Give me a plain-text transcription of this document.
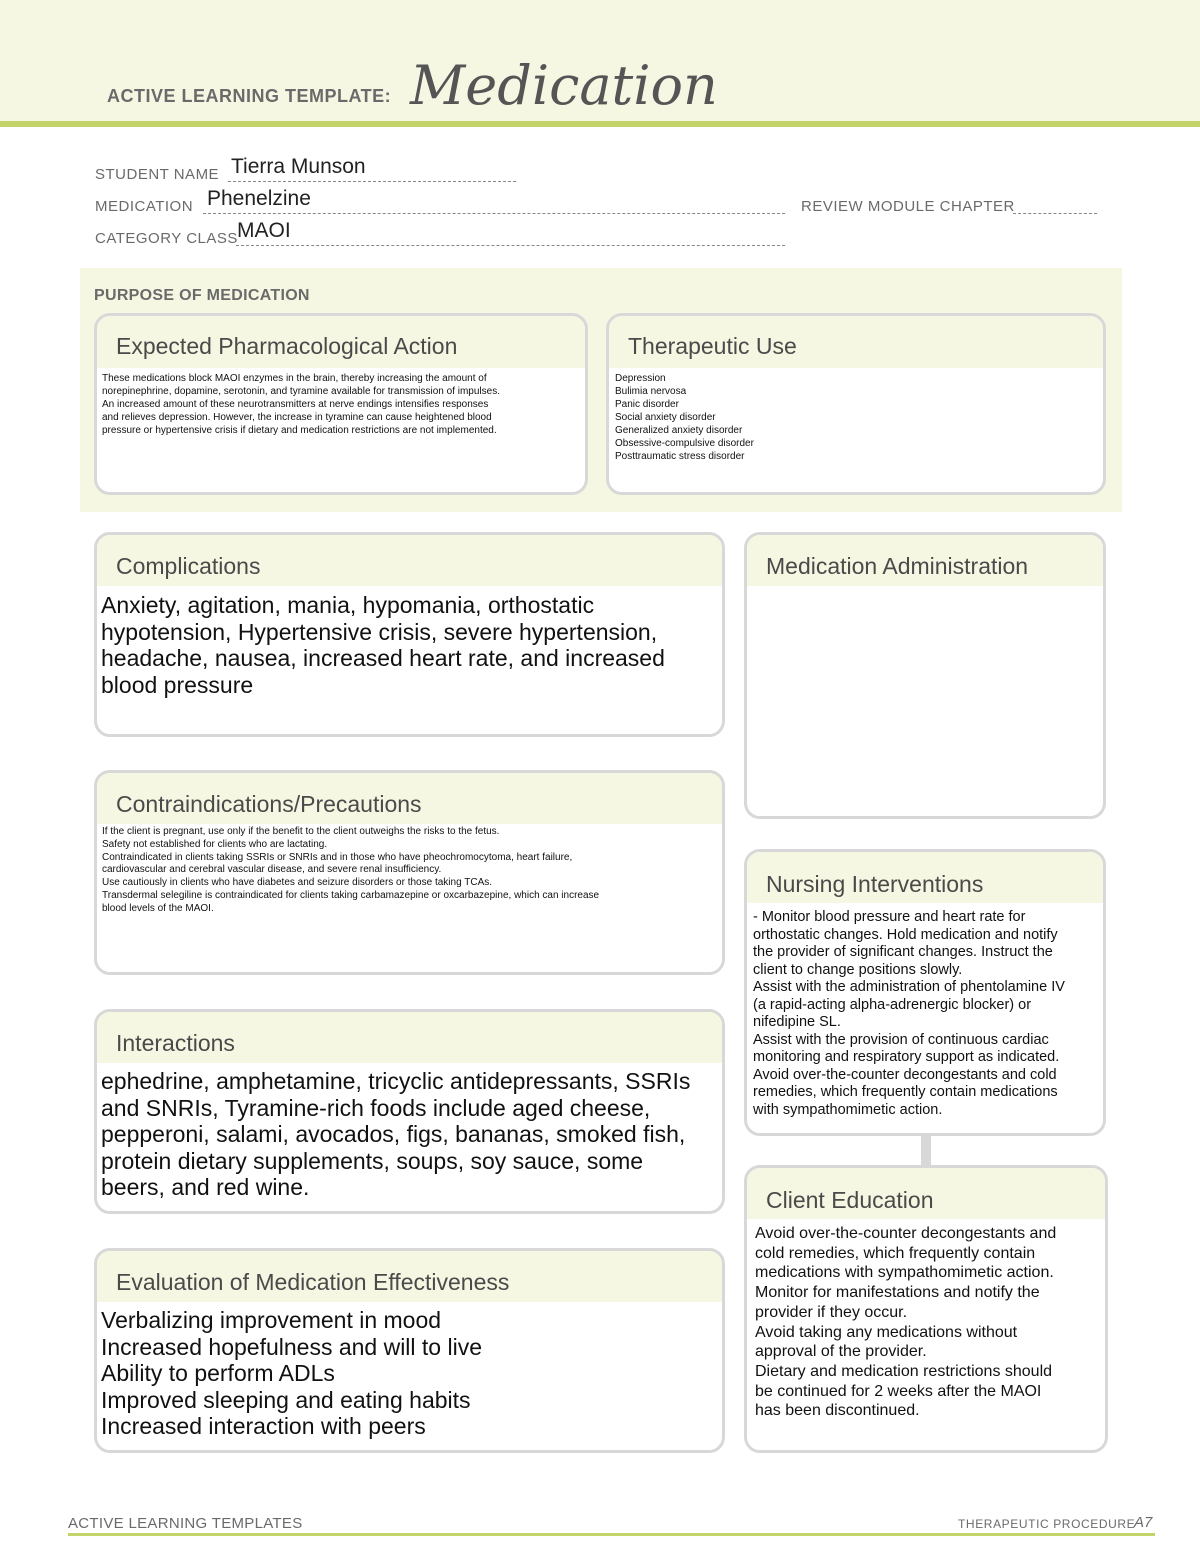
ACTIVE LEARNING TEMPLATE: Medication
STUDENT NAME Tierra Munson
MEDICATION Phenelzine	REVIEW MODULE CHAPTER
CATEGORY CLASS MAOI
PURPOSE OF MEDICATION
Expected Pharmacological Action
These medications block MAOI enzymes in the brain, thereby increasing the amount of
norepinephrine, dopamine, serotonin, and tyramine available for transmission of impulses.
An increased amount of these neurotransmitters at nerve endings intensifies responses
and relieves depression. However, the increase in tyramine can cause heightened blood
pressure or hypertensive crisis if dietary and medication restrictions are not implemented.
Therapeutic Use
Depression
Bulimia nervosa
Panic disorder
Social anxiety disorder
Generalized anxiety disorder
Obsessive-compulsive disorder
Posttraumatic stress disorder
Complications
Anxiety, agitation, mania, hypomania, orthostatic
hypotension, Hypertensive crisis, severe hypertension,
headache, nausea, increased heart rate, and increased
blood pressure
Medication Administration
Contraindications/Precautions
If the client is pregnant, use only if the benefit to the client outweighs the risks to the fetus.
Safety not established for clients who are lactating.
Contraindicated in clients taking SSRIs or SNRIs and in those who have pheochromocytoma, heart failure,
cardiovascular and cerebral vascular disease, and severe renal insufficiency.
Use cautiously in clients who have diabetes and seizure disorders or those taking TCAs.
Transdermal selegiline is contraindicated for clients taking carbamazepine or oxcarbazepine, which can increase
blood levels of the MAOI.
Nursing Interventions
- Monitor blood pressure and heart rate for
orthostatic changes. Hold medication and notify
the provider of significant changes. Instruct the
client to change positions slowly.
Assist with the administration of phentolamine IV
(a rapid-acting alpha-adrenergic blocker) or
nifedipine SL.
Assist with the provision of continuous cardiac
monitoring and respiratory support as indicated.
Avoid over-the-counter decongestants and cold
remedies, which frequently contain medications
with sympathomimetic action.
Interactions
ephedrine, amphetamine, tricyclic antidepressants, SSRIs
and SNRIs, Tyramine-rich foods include aged cheese,
pepperoni, salami, avocados, figs, bananas, smoked fish,
protein dietary supplements, soups, soy sauce, some
beers, and red wine.	Client Education
Avoid over-the-counter decongestants and
cold remedies, which frequently contain
medications with sympathomimetic action.
Monitor for manifestations and notify the
provider if they occur.
Avoid taking any medications without
approval of the provider.
Dietary and medication restrictions should
be continued for 2 weeks after the MAOI
has been discontinued.
Evaluation of Medication Effectiveness
Verbalizing improvement in mood
Increased hopefulness and will to live
Ability to perform ADLs
Improved sleeping and eating habits
Increased interaction with peers
ACTIVE LEARNING TEMPLATES	THERAPEUTIC PROCEDURE
A7
